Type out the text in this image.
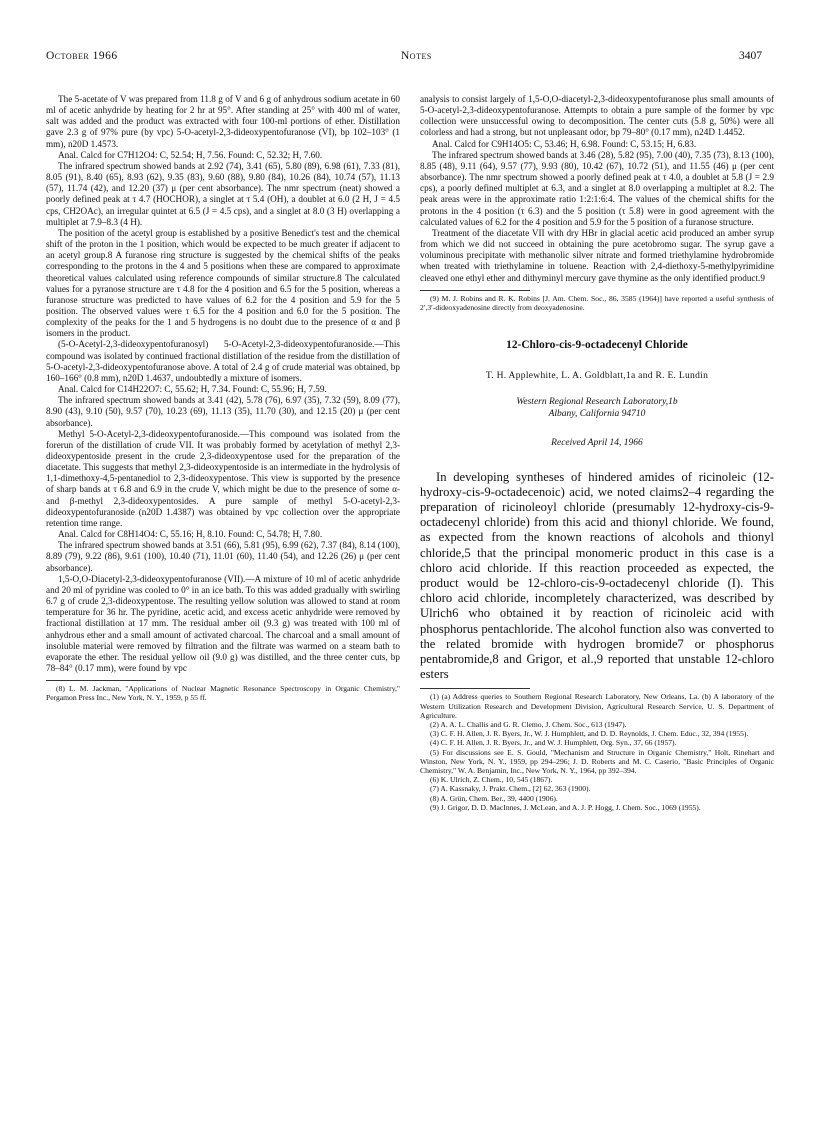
October 1966	Notes	3407

The 5-acetate of V was prepared from 11.8 g of V and 6 g of anhydrous sodium acetate in 60 ml of acetic anhydride by heating for 2 hr at 95°. After standing at 25° with 400 ml of water, salt was added and the product was extracted with four 100-ml portions of ether. Distillation gave 2.3 g of 97% pure (by vpc) 5-O-acetyl-2,3-dideoxypentofuranose (VI), bp 102–103° (1 mm), n20D 1.4573.

Anal. Calcd for C7H12O4: C, 52.54; H, 7.56. Found: C, 52.32; H, 7.60.

The infrared spectrum showed bands at 2.92 (74), 3.41 (65), 5.80 (89), 6.98 (61), 7.33 (81), 8.05 (91), 8.40 (65), 8.93 (62), 9.35 (83), 9.60 (88), 9.80 (84), 10.26 (84), 10.74 (57), 11.13 (57), 11.74 (42), and 12.20 (37) μ (per cent absorbance). The nmr spectrum (neat) showed a poorly defined peak at τ 4.7 (HOCHOR), a singlet at τ 5.4 (OH), a doublet at 6.0 (2 H, J = 4.5 cps, CH2OAc), an irregular quintet at 6.5 (J = 4.5 cps), and a singlet at 8.0 (3 H) overlapping a multiplet at 7.9–8.3 (4 H).

The position of the acetyl group is established by a positive Benedict's test and the chemical shift of the proton in the 1 position, which would be expected to be much greater if adjacent to an acetyl group.8 A furanose ring structure is suggested by the chemical shifts of the peaks corresponding to the protons in the 4 and 5 positions when these are compared to approximate theoretical values calculated using reference compounds of similar structure.8 The calculated values for a pyranose structure are τ 4.8 for the 4 position and 6.5 for the 5 position, whereas a furanose structure was predicted to have values of 6.2 for the 4 position and 5.9 for the 5 position. The observed values were τ 6.5 for the 4 position and 6.0 for the 5 position. The complexity of the peaks for the 1 and 5 hydrogens is no doubt due to the presence of α and β isomers in the product.

(5-O-Acetyl-2,3-dideoxypentofuranosyl) 5-O-Acetyl-2,3-dideoxypentofuranoside.—This compound was isolated by continued fractional distillation of the residue from the distillation of 5-O-acetyl-2,3-dideoxypentofuranose above. A total of 2.4 g of crude material was obtained, bp 160–166° (0.8 mm), n20D 1.4637, undoubtedly a mixture of isomers.

Anal. Calcd for C14H22O7: C, 55.62; H, 7.34. Found: C, 55.96; H, 7.59.

The infrared spectrum showed bands at 3.41 (42), 5.78 (76), 6.97 (35), 7.32 (59), 8.09 (77), 8.90 (43), 9.10 (50), 9.57 (70), 10.23 (69), 11.13 (35), 11.70 (30), and 12.15 (20) μ (per cent absorbance).

Methyl 5-O-Acetyl-2,3-dideoxypentofuranoside.—This compound was isolated from the forerun of the distillation of crude VII. It was probably formed by acetylation of methyl 2,3-dideoxypentoside present in the crude 2,3-dideoxypentose used for the preparation of the diacetate. This suggests that methyl 2,3-dideoxypentoside is an intermediate in the hydrolysis of 1,1-dimethoxy-4,5-pentanediol to 2,3-dideoxypentose. This view is supported by the presence of sharp bands at τ 6.8 and 6.9 in the crude V, which might be due to the presence of some α- and β-methyl 2,3-dideoxypentosides. A pure sample of methyl 5-O-acetyl-2,3-dideoxypentofuranoside (n20D 1.4387) was obtained by vpc collection over the appropriate retention time range.

Anal. Calcd for C8H14O4: C, 55.16; H, 8.10. Found: C, 54.78; H, 7.80.

The infrared spectrum showed bands at 3.51 (66), 5.81 (95), 6.99 (62), 7.37 (84), 8.14 (100), 8.89 (79), 9.22 (86), 9.61 (100), 10.40 (71), 11.01 (60), 11.40 (54), and 12.26 (26) μ (per cent absorbance).

1,5-O,O-Diacetyl-2,3-dideoxypentofuranose (VII).—A mixture of 10 ml of acetic anhydride and 20 ml of pyridine was cooled to 0° in an ice bath. To this was added gradually with swirling 6.7 g of crude 2,3-dideoxypentose. The resulting yellow solution was allowed to stand at room temperature for 36 hr. The pyridine, acetic acid, and excess acetic anhydride were removed by fractional distillation at 17 mm. The residual amber oil (9.3 g) was treated with 100 ml of anhydrous ether and a small amount of activated charcoal. The charcoal and a small amount of insoluble material were removed by filtration and the filtrate was warmed on a steam bath to evaporate the ether. The residual yellow oil (9.0 g) was distilled, and the three center cuts, bp 78–84° (0.17 mm), were found by vpc

(8) L. M. Jackman, "Applications of Nuclear Magnetic Resonance Spectroscopy in Organic Chemistry," Pergamon Press Inc., New York, N. Y., 1959, p 55 ff.

analysis to consist largely of 1,5-O,O-diacetyl-2,3-dideoxypentofuranose plus small amounts of 5-O-acetyl-2,3-dideoxypentofuranose. Attempts to obtain a pure sample of the former by vpc collection were unsuccessful owing to decomposition. The center cuts (5.8 g, 50%) were all colorless and had a strong, but not unpleasant odor, bp 79–80° (0.17 mm), n24D 1.4452.

Anal. Calcd for C9H14O5: C, 53.46; H, 6.98. Found: C, 53.15; H, 6.83.

The infrared spectrum showed bands at 3.46 (28), 5.82 (95), 7.00 (40), 7.35 (73), 8.13 (100), 8.85 (48), 9.11 (64), 9.57 (77), 9.93 (80), 10.42 (67), 10.72 (51), and 11.55 (46) μ (per cent absorbance). The nmr spectrum showed a poorly defined peak at τ 4.0, a doublet at 5.8 (J = 2.9 cps), a poorly defined multiplet at 6.3, and a singlet at 8.0 overlapping a multiplet at 8.2. The peak areas were in the approximate ratio 1:2:1:6:4. The values of the chemical shifts for the protons in the 4 position (τ 6.3) and the 5 position (τ 5.8) were in good agreement with the calculated values of 6.2 for the 4 position and 5.9 for the 5 position of a furanose structure.

Treatment of the diacetate VII with dry HBr in glacial acetic acid produced an amber syrup from which we did not succeed in obtaining the pure acetobromo sugar. The syrup gave a voluminous precipitate with methanolic silver nitrate and formed triethylamine hydrobromide when treated with triethylamine in toluene. Reaction with 2,4-diethoxy-5-methylpyrimidine cleaved one ethyl ether and dithyminyl mercury gave thymine as the only identified product.9

(9) M. J. Robins and R. K. Robins [J. Am. Chem. Soc., 86, 3585 (1964)] have reported a useful synthesis of 2′,3′-dideoxyadenosine directly from deoxyadenosine.

12-Chloro-cis-9-octadecenyl Chloride
T. H. Applewhite, L. A. Goldblatt,1a and R. E. Lundin
Western Regional Research Laboratory,1b
Albany, California 94710
Received April 14, 1966

In developing syntheses of hindered amides of ricinoleic (12-hydroxy-cis-9-octadecenoic) acid, we noted claims2–4 regarding the preparation of ricinoleoyl chloride (presumably 12-hydroxy-cis-9-octadecenyl chloride) from this acid and thionyl chloride. We found, as expected from the known reactions of alcohols and thionyl chloride,5 that the principal monomeric product in this case is a chloro acid chloride. If this reaction proceeded as expected, the product would be 12-chloro-cis-9-octadecenyl chloride (I). This chloro acid chloride, incompletely characterized, was described by Ulrich6 who obtained it by reaction of ricinoleic acid with phosphorus pentachloride. The alcohol function also was converted to the related bromide with hydrogen bromide7 or phosphorus pentabromide,8 and Grigor, et al.,9 reported that unstable 12-chloro esters

(1) (a) Address queries to Southern Regional Research Laboratory, New Orleans, La. (b) A laboratory of the Western Utilization Research and Development Division, Agricultural Research Service, U. S. Department of Agriculture.

(2) A. A. L. Challis and G. R. Clemo, J. Chem. Soc., 613 (1947).

(3) C. F. H. Allen, J. R. Byers, Jr., W. J. Humphlett, and D. D. Reynolds, J. Chem. Educ., 32, 394 (1955).

(4) C. F. H. Allen, J. R. Byers, Jr., and W. J. Humphlett, Org. Syn., 37, 66 (1957).

(5) For discussions see E. S. Gould, "Mechanism and Structure in Organic Chemistry," Holt, Rinehart and Winston, New York, N. Y., 1959, pp 294–296; J. D. Roberts and M. C. Caserio, "Basic Principles of Organic Chemistry," W. A. Benjamin, Inc., New York, N. Y., 1964, pp 392–394.

(6) K. Ulrich, Z. Chem., 10, 545 (1867).

(7) A. Kassnaky, J. Prakt. Chem., [2] 62, 363 (1900).

(8) A. Grün, Chem. Ber., 39, 4400 (1906).

(9) J. Grigor, D. D. MacInnes, J. McLean, and A. J. P. Hogg, J. Chem. Soc., 1069 (1955).
